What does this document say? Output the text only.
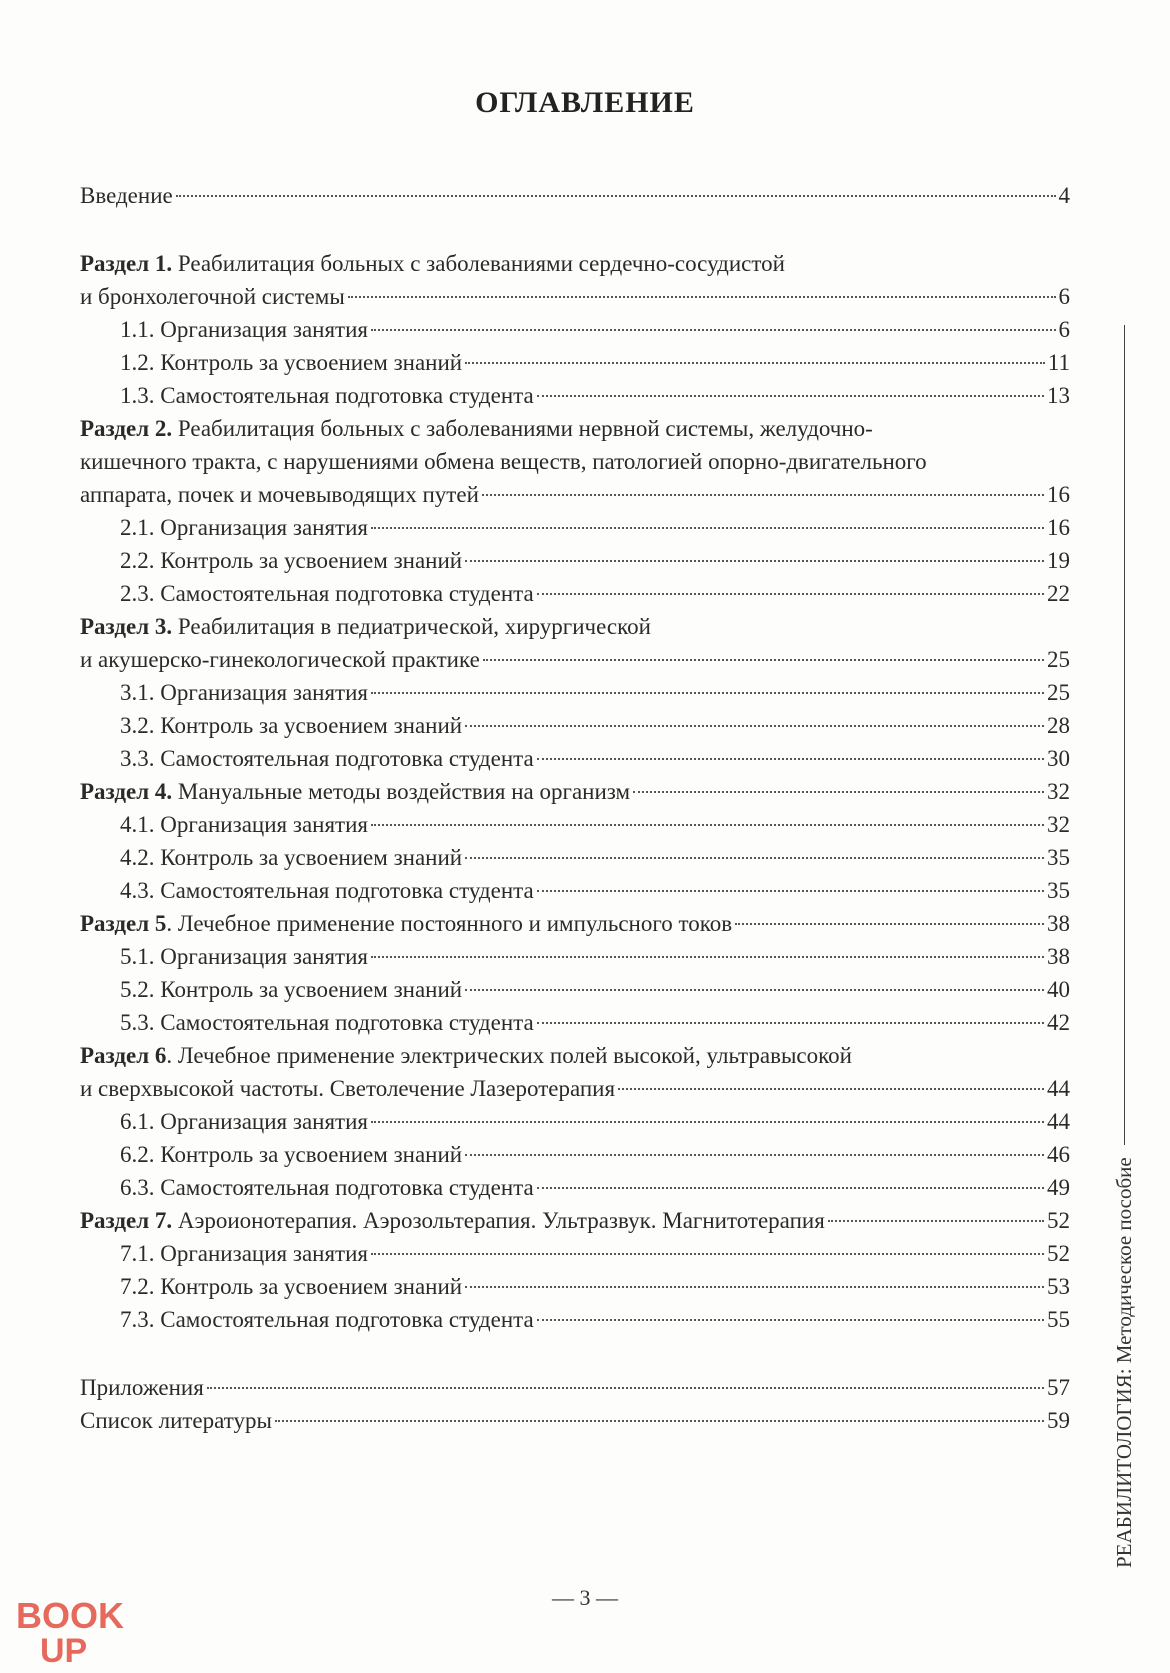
ОГЛАВЛЕНИЕ
Введение	4
Раздел 1. Реабилитация больных с заболеваниями сердечно-сосудистой
и бронхолегочной системы	6
1.1. Организация занятия	6
1.2. Контроль за усвоением знаний	11
1.3. Самостоятельная подготовка студента	13
Раздел 2. Реабилитация больных с заболеваниями нервной системы, желудочно-
кишечного тракта, с нарушениями обмена веществ, патологией опорно-двигательного
аппарата, почек и мочевыводящих путей	16
2.1. Организация занятия	16
2.2. Контроль за усвоением знаний	19
2.3. Самостоятельная подготовка студента	22
Раздел 3. Реабилитация в педиатрической, хирургической
и акушерско-гинекологической практике	25
3.1. Организация занятия	25
3.2. Контроль за усвоением знаний	28
3.3. Самостоятельная подготовка студента	30
Раздел 4. Мануальные методы воздействия на организм	32
4.1. Организация занятия	32
4.2. Контроль за усвоением знаний	35
4.3. Самостоятельная подготовка студента	35
Раздел 5. Лечебное применение постоянного и импульсного токов	38
5.1. Организация занятия	38
5.2. Контроль за усвоением знаний	40
5.3. Самостоятельная подготовка студента	42
Раздел 6. Лечебное применение электрических полей высокой, ультравысокой
и сверхвысокой частоты. Светолечение Лазеротерапия	44
6.1. Организация занятия	44
6.2. Контроль за усвоением знаний	46
6.3. Самостоятельная подготовка студента	49
Раздел 7. Аэроионотерапия. Аэрозольтерапия. Ультразвук. Магнитотерапия	52
7.1. Организация занятия	52
7.2. Контроль за усвоением знаний	53
7.3. Самостоятельная подготовка студента	55
Приложения	57
Список литературы	59 РЕАБИЛИТОЛОГИЯ
: Методическое пособие
— 3 —
BOOK
UP
